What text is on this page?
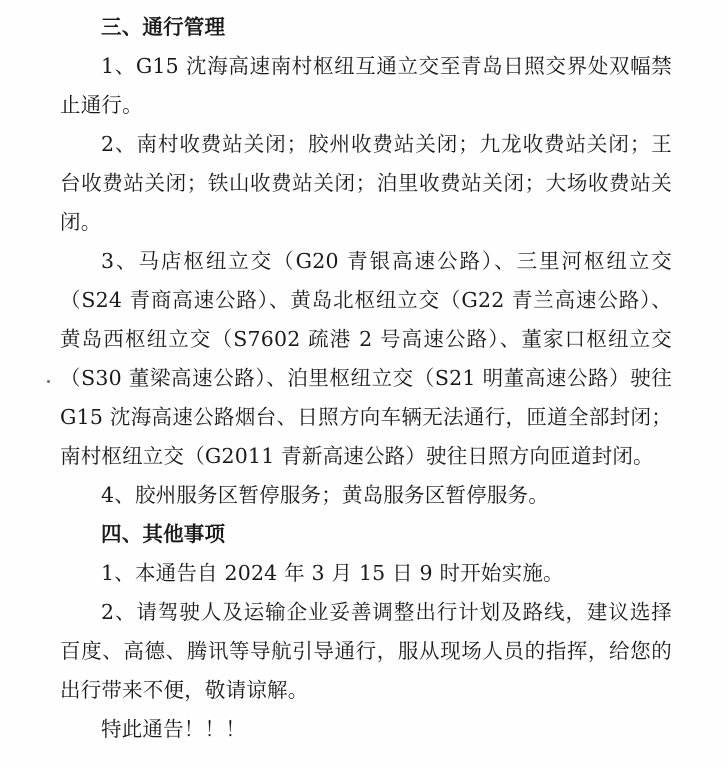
三、通行管理

1、G15 沈海高速南村枢纽互通立交至青岛日照交界处双幅禁止通行。

2、南村收费站关闭；胶州收费站关闭；九龙收费站关闭；王台收费站关闭；铁山收费站关闭；泊里收费站关闭；大场收费站关闭。

3、马店枢纽立交（G20 青银高速公路）、三里河枢纽立交（S24 青商高速公路）、黄岛北枢纽立交（G22 青兰高速公路）、黄岛西枢纽立交（S7602 疏港 2 号高速公路）、董家口枢纽立交（S30 董梁高速公路）、泊里枢纽立交（S21 明董高速公路）驶往 G15 沈海高速公路烟台、日照方向车辆无法通行，匝道全部封闭；南村枢纽立交（G2011 青新高速公路）驶往日照方向匝道封闭。

4、胶州服务区暂停服务；黄岛服务区暂停服务。

四、其他事项

1、本通告自 2024 年 3 月 15 日 9 时开始实施。

2、请驾驶人及运输企业妥善调整出行计划及路线，建议选择百度、高德、腾讯等导航引导通行，服从现场人员的指挥，给您的出行带来不便，敬请谅解。

特此通告！！！
